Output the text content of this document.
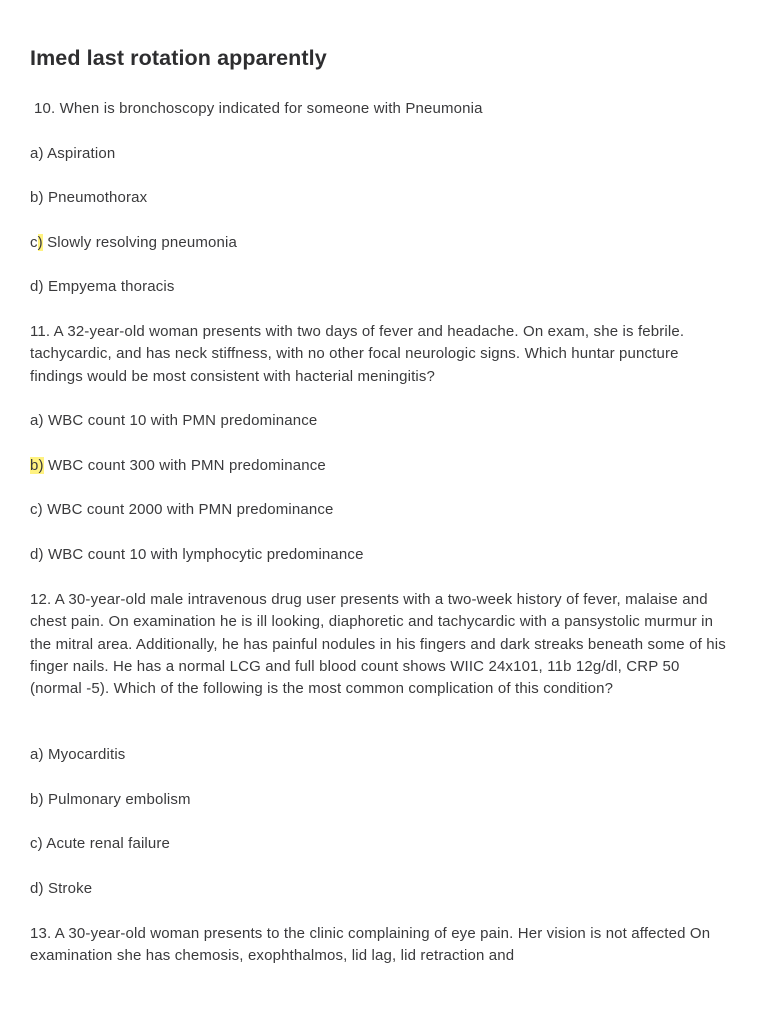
Imed last rotation apparently

10. When is bronchoscopy indicated for someone with Pneumonia

a) Aspiration

b) Pneumothorax

c) Slowly resolving pneumonia

d) Empyema thoracis

11. A 32-year-old woman presents with two days of fever and headache. On exam, she is febrile. tachycardic, and has neck stiffness, with no other focal neurologic signs. Which huntar puncture findings would be most consistent with hacterial meningitis?

a) WBC count 10 with PMN predominance

b) WBC count 300 with PMN predominance

c) WBC count 2000 with PMN predominance

d) WBC count 10 with lymphocytic predominance

12. A 30-year-old male intravenous drug user presents with a two-week history of fever, malaise and chest pain. On examination he is ill looking, diaphoretic and tachycardic with a pansystolic murmur in the mitral area. Additionally, he has painful nodules in his fingers and dark streaks beneath some of his finger nails. He has a normal LCG and full blood count shows WIIC 24x101, 11b 12g/dl, CRP 50 (normal -5). Which of the following is the most common complication of this condition?

a) Myocarditis

b) Pulmonary embolism

c) Acute renal failure

d) Stroke

13. A 30-year-old woman presents to the clinic complaining of eye pain. Her vision is not affected On examination she has chemosis, exophthalmos, lid lag, lid retraction and
